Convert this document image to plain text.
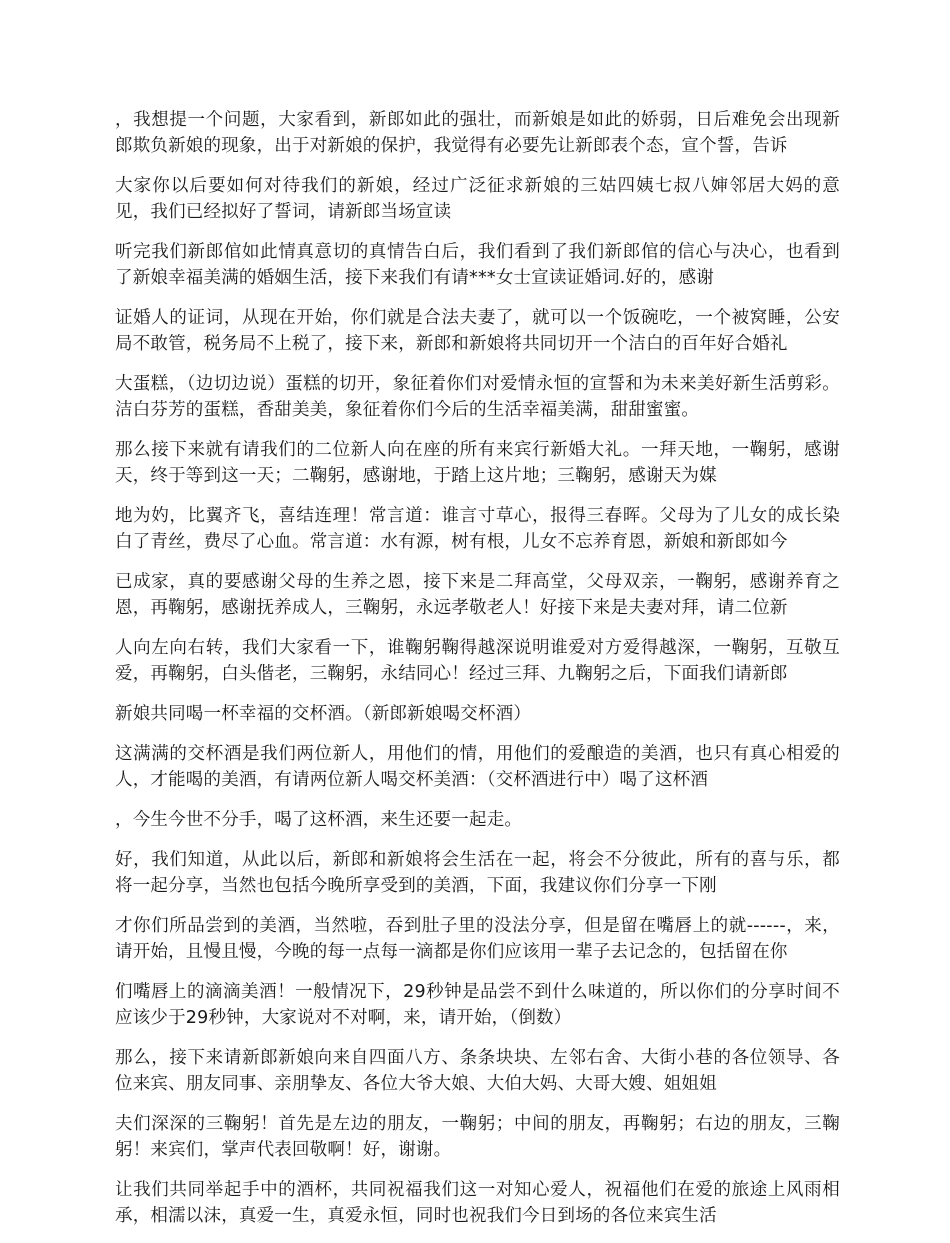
，我想提一个问题，大家看到，新郎如此的强壮，而新娘是如此的娇弱，日后难免会出现新郎欺负新娘的现象，出于对新娘的保护，我觉得有必要先让新郎表个态，宣个誓，告诉

大家你以后要如何对待我们的新娘，经过广泛征求新娘的三姑四姨七叔八婶邻居大妈的意见，我们已经拟好了誓词，请新郎当场宣读

听完我们新郎倌如此情真意切的真情告白后，我们看到了我们新郎倌的信心与决心，也看到了新娘幸福美满的婚姻生活，接下来我们有请***女士宣读证婚词.好的，感谢

证婚人的证词，从现在开始，你们就是合法夫妻了，就可以一个饭碗吃，一个被窝睡，公安局不敢管，税务局不上税了，接下来，新郎和新娘将共同切开一个洁白的百年好合婚礼

大蛋糕，（边切边说）蛋糕的切开，象征着你们对爱情永恒的宣誓和为未来美好新生活剪彩。洁白芬芳的蛋糕，香甜美美，象征着你们今后的生活幸福美满，甜甜蜜蜜。

那么接下来就有请我们的二位新人向在座的所有来宾行新婚大礼。一拜天地，一鞠躬，感谢天，终于等到这一天；二鞠躬，感谢地，于踏上这片地；三鞠躬，感谢天为媒

地为妁，比翼齐飞，喜结连理！常言道：谁言寸草心，报得三春晖。父母为了儿女的成长染白了青丝，费尽了心血。常言道：水有源，树有根，儿女不忘养育恩，新娘和新郎如今

已成家，真的要感谢父母的生养之恩，接下来是二拜高堂，父母双亲，一鞠躬，感谢养育之恩，再鞠躬，感谢抚养成人，三鞠躬，永远孝敬老人！好接下来是夫妻对拜，请二位新

人向左向右转，我们大家看一下，谁鞠躬鞠得越深说明谁爱对方爱得越深，一鞠躬，互敬互爱，再鞠躬，白头偕老，三鞠躬，永结同心！经过三拜、九鞠躬之后，下面我们请新郎

新娘共同喝一杯幸福的交杯酒。（新郎新娘喝交杯酒）

这满满的交杯酒是我们两位新人，用他们的情，用他们的爱酿造的美酒，也只有真心相爱的人，才能喝的美酒，有请两位新人喝交杯美酒：（交杯酒进行中）喝了这杯酒

，今生今世不分手，喝了这杯酒，来生还要一起走。

好，我们知道，从此以后，新郎和新娘将会生活在一起，将会不分彼此，所有的喜与乐，都将一起分享，当然也包括今晚所享受到的美酒，下面，我建议你们分享一下刚

才你们所品尝到的美酒，当然啦，吞到肚子里的没法分享，但是留在嘴唇上的就------，来，请开始，且慢且慢，今晚的每一点每一滴都是你们应该用一辈子去记念的，包括留在你

们嘴唇上的滴滴美酒！一般情况下，29秒钟是品尝不到什么味道的，所以你们的分享时间不应该少于29秒钟，大家说对不对啊，来，请开始，（倒数）

那么，接下来请新郎新娘向来自四面八方、条条块块、左邻右舍、大街小巷的各位领导、各位来宾、朋友同事、亲朋挚友、各位大爷大娘、大伯大妈、大哥大嫂、姐姐姐

夫们深深的三鞠躬！首先是左边的朋友，一鞠躬；中间的朋友，再鞠躬；右边的朋友，三鞠躬！来宾们，掌声代表回敬啊！好，谢谢。

让我们共同举起手中的酒杯，共同祝福我们这一对知心爱人，祝福他们在爱的旅途上风雨相承，相濡以沫，真爱一生，真爱永恒，同时也祝我们今日到场的各位来宾生活
